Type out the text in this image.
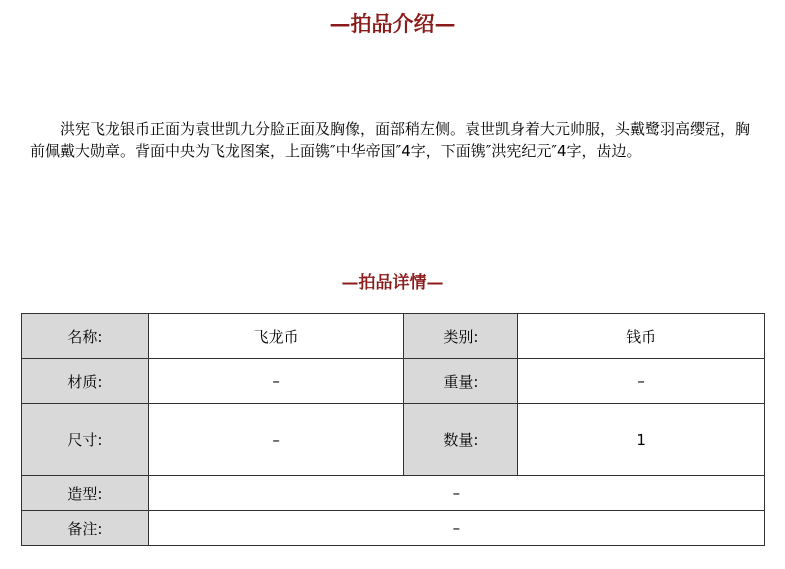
—拍品介绍—

洪宪飞龙银币正面为袁世凯九分脸正面及胸像，面部稍左侧。袁世凯身着大元帅服，头戴鹭羽高缨冠，胸前佩戴大勋章。背面中央为飞龙图案，上面镌″中华帝国″4字，下面镌″洪宪纪元″4字，齿边。

—拍品详情—
名称:	飞龙币	类别:	钱币
材质:	–	重量:	–
尺寸:	–	数量:	1
造型:	–		
备注:	–		
